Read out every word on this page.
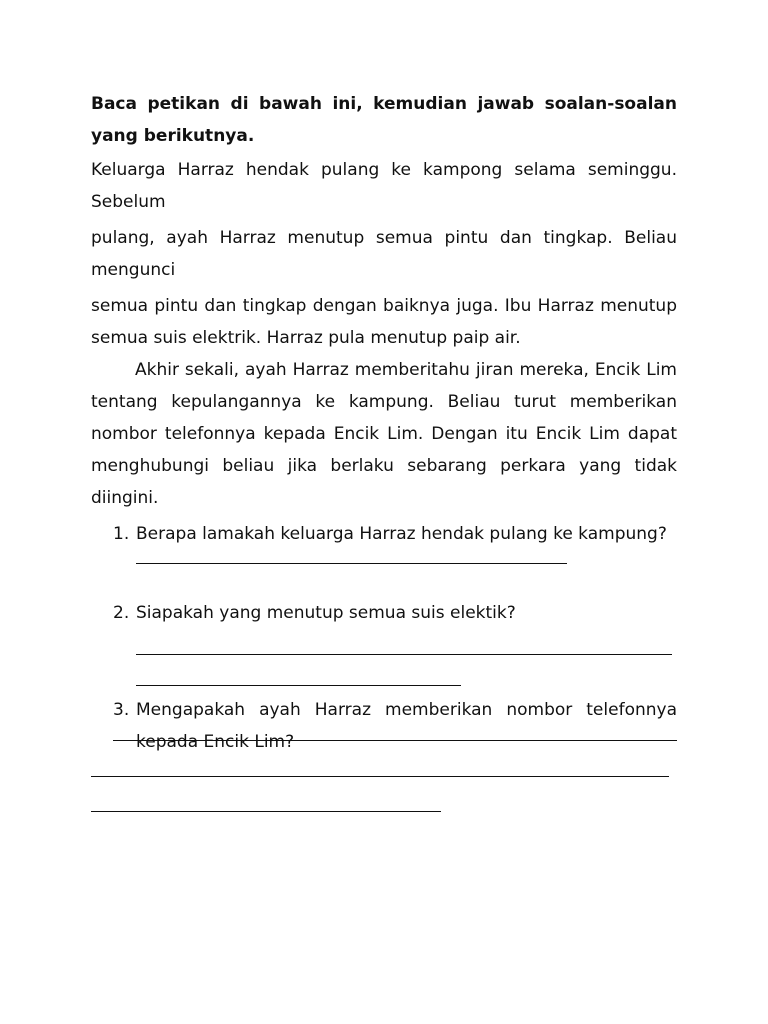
Baca petikan di bawah ini, kemudian jawab soalan-soalan yang berikutnya.

Keluarga Harraz hendak pulang ke kampong selama seminggu. Sebelum

pulang, ayah Harraz menutup semua pintu dan tingkap. Beliau mengunci

semua pintu dan tingkap dengan baiknya juga. Ibu Harraz menutup semua suis elektrik. Harraz pula menutup paip air.

Akhir sekali, ayah Harraz memberitahu jiran mereka, Encik Lim tentang kepulangannya ke kampung. Beliau turut memberikan nombor telefonnya kepada Encik Lim. Dengan itu Encik Lim dapat menghubungi beliau jika berlaku sebarang perkara yang tidak diingini.

1. Berapa lamakah keluarga Harraz hendak pulang ke kampung?
2. Siapakah yang menutup semua suis elektik?
3. Mengapakah ayah Harraz memberikan nombor telefonnya kepada Encik Lim?
